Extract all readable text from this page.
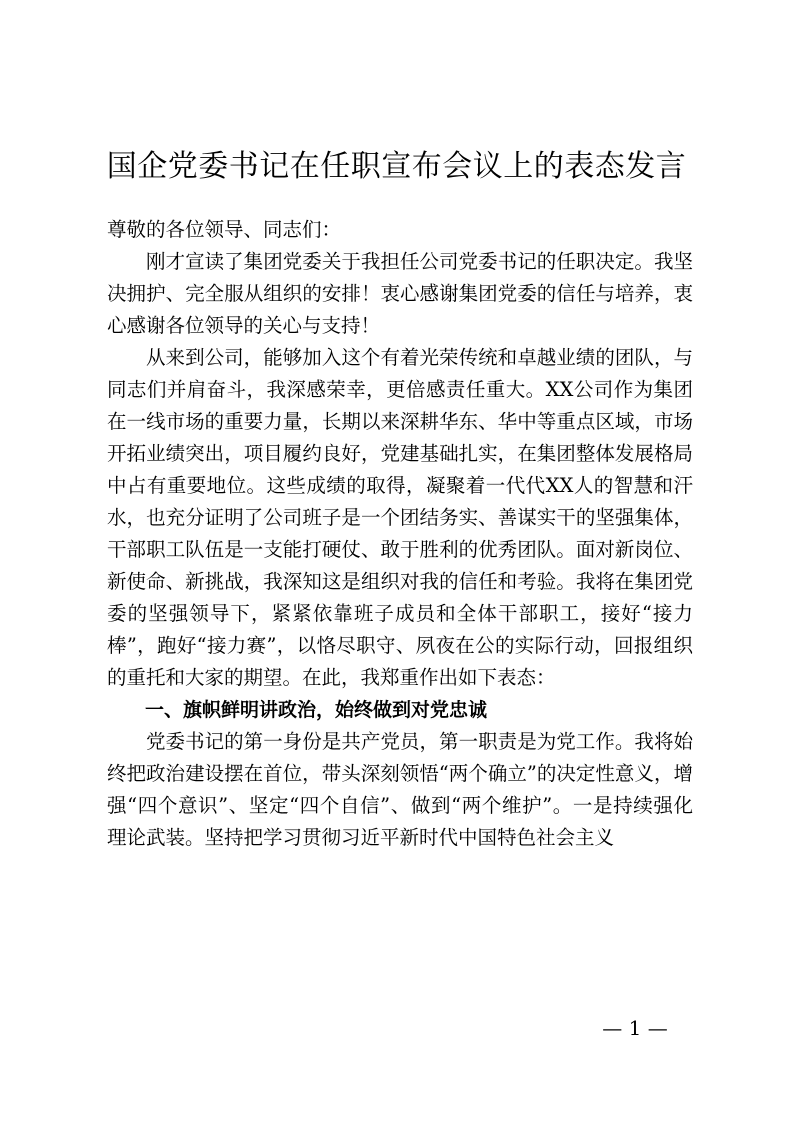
国企党委书记在任职宣布会议上的表态发言

尊敬的各位领导、同志们：

刚才宣读了集团党委关于我担任公司党委书记的任职决定。我坚决拥护、完全服从组织的安排！衷心感谢集团党委的信任与培养，衷心感谢各位领导的关心与支持！

从来到公司，能够加入这个有着光荣传统和卓越业绩的团队，与同志们并肩奋斗，我深感荣幸，更倍感责任重大。XX公司作为集团在一线市场的重要力量，长期以来深耕华东、华中等重点区域，市场开拓业绩突出，项目履约良好，党建基础扎实，在集团整体发展格局中占有重要地位。这些成绩的取得，凝聚着一代代XX人的智慧和汗水，也充分证明了公司班子是一个团结务实、善谋实干的坚强集体，干部职工队伍是一支能打硬仗、敢于胜利的优秀团队。面对新岗位、新使命、新挑战，我深知这是组织对我的信任和考验。我将在集团党委的坚强领导下，紧紧依靠班子成员和全体干部职工，接好“接力棒”，跑好“接力赛”，以恪尽职守、夙夜在公的实际行动，回报组织的重托和大家的期望。在此，我郑重作出如下表态：

一、旗帜鲜明讲政治，始终做到对党忠诚

党委书记的第一身份是共产党员，第一职责是为党工作。我将始终把政治建设摆在首位，带头深刻领悟“两个确立”的决定性意义，增强“四个意识”、坚定“四个自信”、做到“两个维护”。一是持续强化理论武装。坚持把学习贯彻习近平新时代中国特色社会主义

— 1 —
